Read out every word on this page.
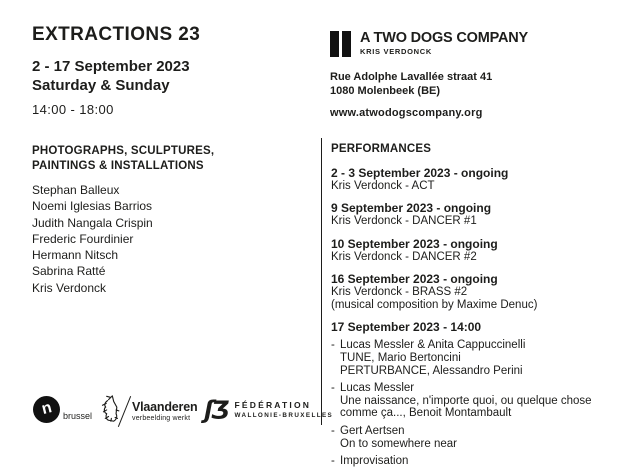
EXTRACTIONS 23
2 - 17 September 2023
Saturday & Sunday
14:00 - 18:00
A TWO DOGS COMPANY
KRIS VERDONCK
Rue Adolphe Lavallée straat 41
1080 Molenbeek (BE)
www.atwodogscompany.org
PHOTOGRAPHS, SCULPTURES,
PAINTINGS & INSTALLATIONS
Stephan Balleux
Noemi Iglesias Barrios
Judith Nangala Crispin
Frederic Fourdinier
Hermann Nitsch
Sabrina Ratté
Kris Verdonck
PERFORMANCES
2 - 3 September 2023 - ongoing
Kris Verdonck - ACT
9 September 2023 - ongoing
Kris Verdonck - DANCER #1
10 September 2023 - ongoing
Kris Verdonck - DANCER #2
16 September 2023 - ongoing
Kris Verdonck - BRASS #2
(musical composition by Maxime Denuc)
17 September 2023 - 14:00
- Lucas Messler & Anita Cappuccinelli
TUNE, Mario Bertoncini
PERTURBANCE, Alessandro Perini
- Lucas Messler
Une naissance, n'importe quoi, ou quelque chose
comme ça..., Benoit Montambault
- Gert Aertsen
On to somewhere near
- Improvisation
n brussel
Vlaanderen
verbeelding werkt ʃƷ FÉDÉRATION
WALLONIE-BRUXELLES
